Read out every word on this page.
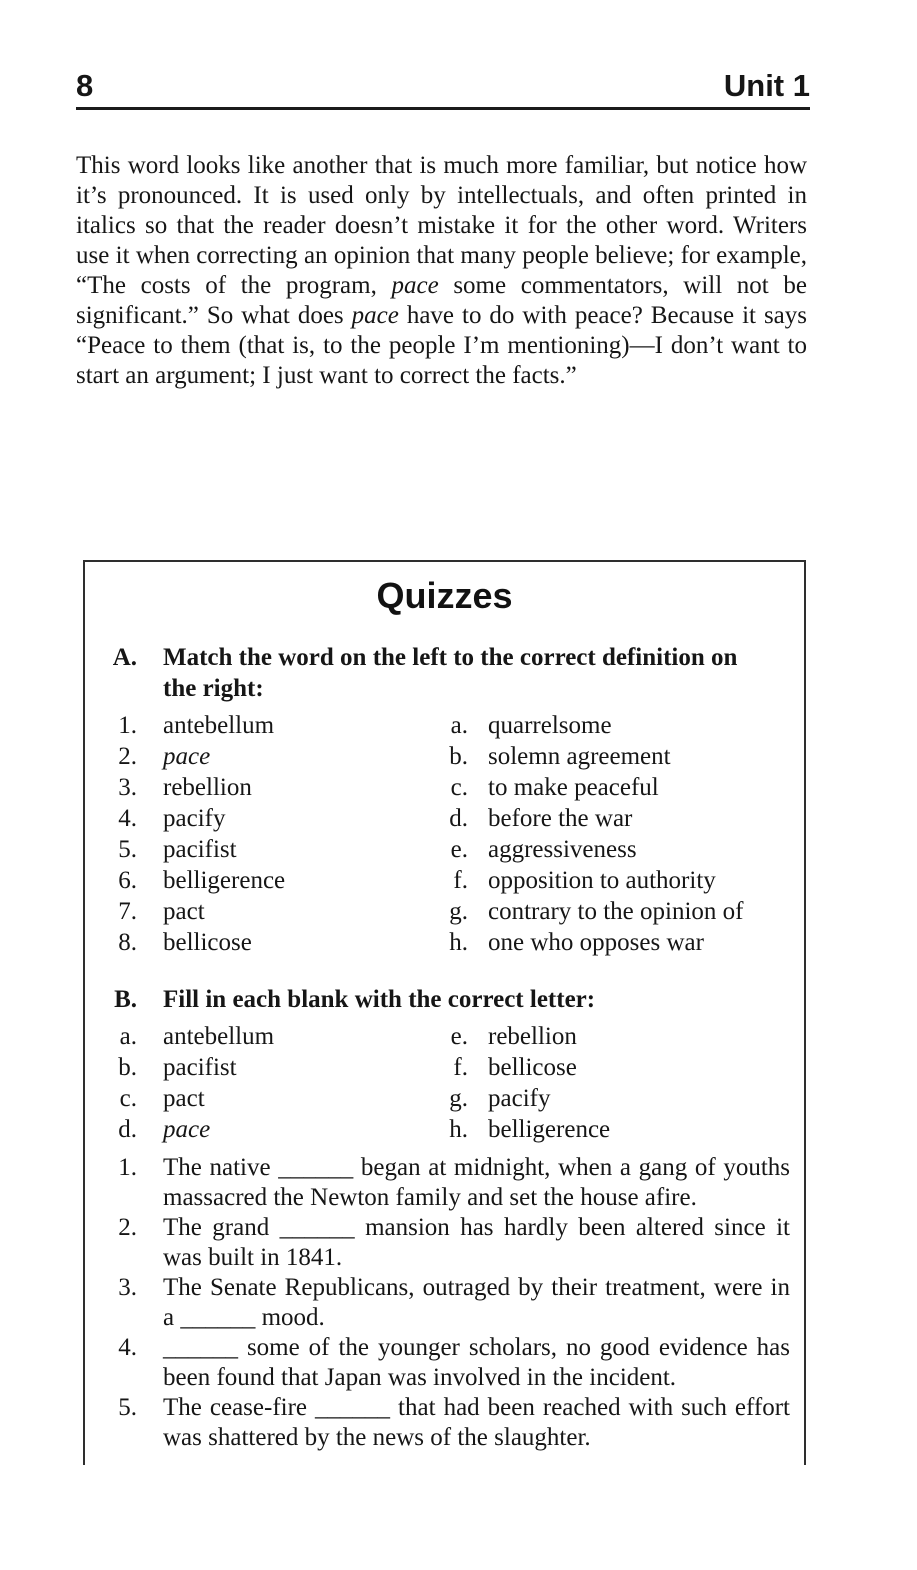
8	Unit 1

This word looks like another that is much more familiar, but notice how it’s pronounced. It is used only by intellectuals, and often printed in italics so that the reader doesn’t mistake it for the other word. Writers use it when correcting an opinion that many people believe; for example, “The costs of the program, pace some commentators, will not be significant.” So what does pace have to do with peace? Because it says “Peace to them (that is, to the people I’m mentioning)—I don’t want to start an argument; I just want to correct the facts.”

Quizzes
A.	Match the word on the left to the correct definition on the right:
1.	antebellum	a. quarrelsome
2.	pace	b. solemn agreement
3.	rebellion	c. to make peaceful
4.	pacify	d. before the war
5.	pacifist	e. aggressiveness
6.	belligerence	f. opposition to authority
7.	pact	g. contrary to the opinion of
8.	bellicose	h. one who opposes war
B.	Fill in each blank with the correct letter:
a.	antebellum	e. rebellion
b.	pacifist	f. bellicose
c.	pact	g. pacify
d.	pace	h. belligerence
1.	The native ______ began at midnight, when a gang of youths massacred the Newton family and set the house afire.
2.	The grand ______ mansion has hardly been altered since it was built in 1841.
3.	The Senate Republicans, outraged by their treatment, were in a ______ mood.
4.	______ some of the younger scholars, no good evidence has been found that Japan was involved in the incident.
5.	The cease-fire ______ that had been reached with such effort was shattered by the news of the slaughter.
